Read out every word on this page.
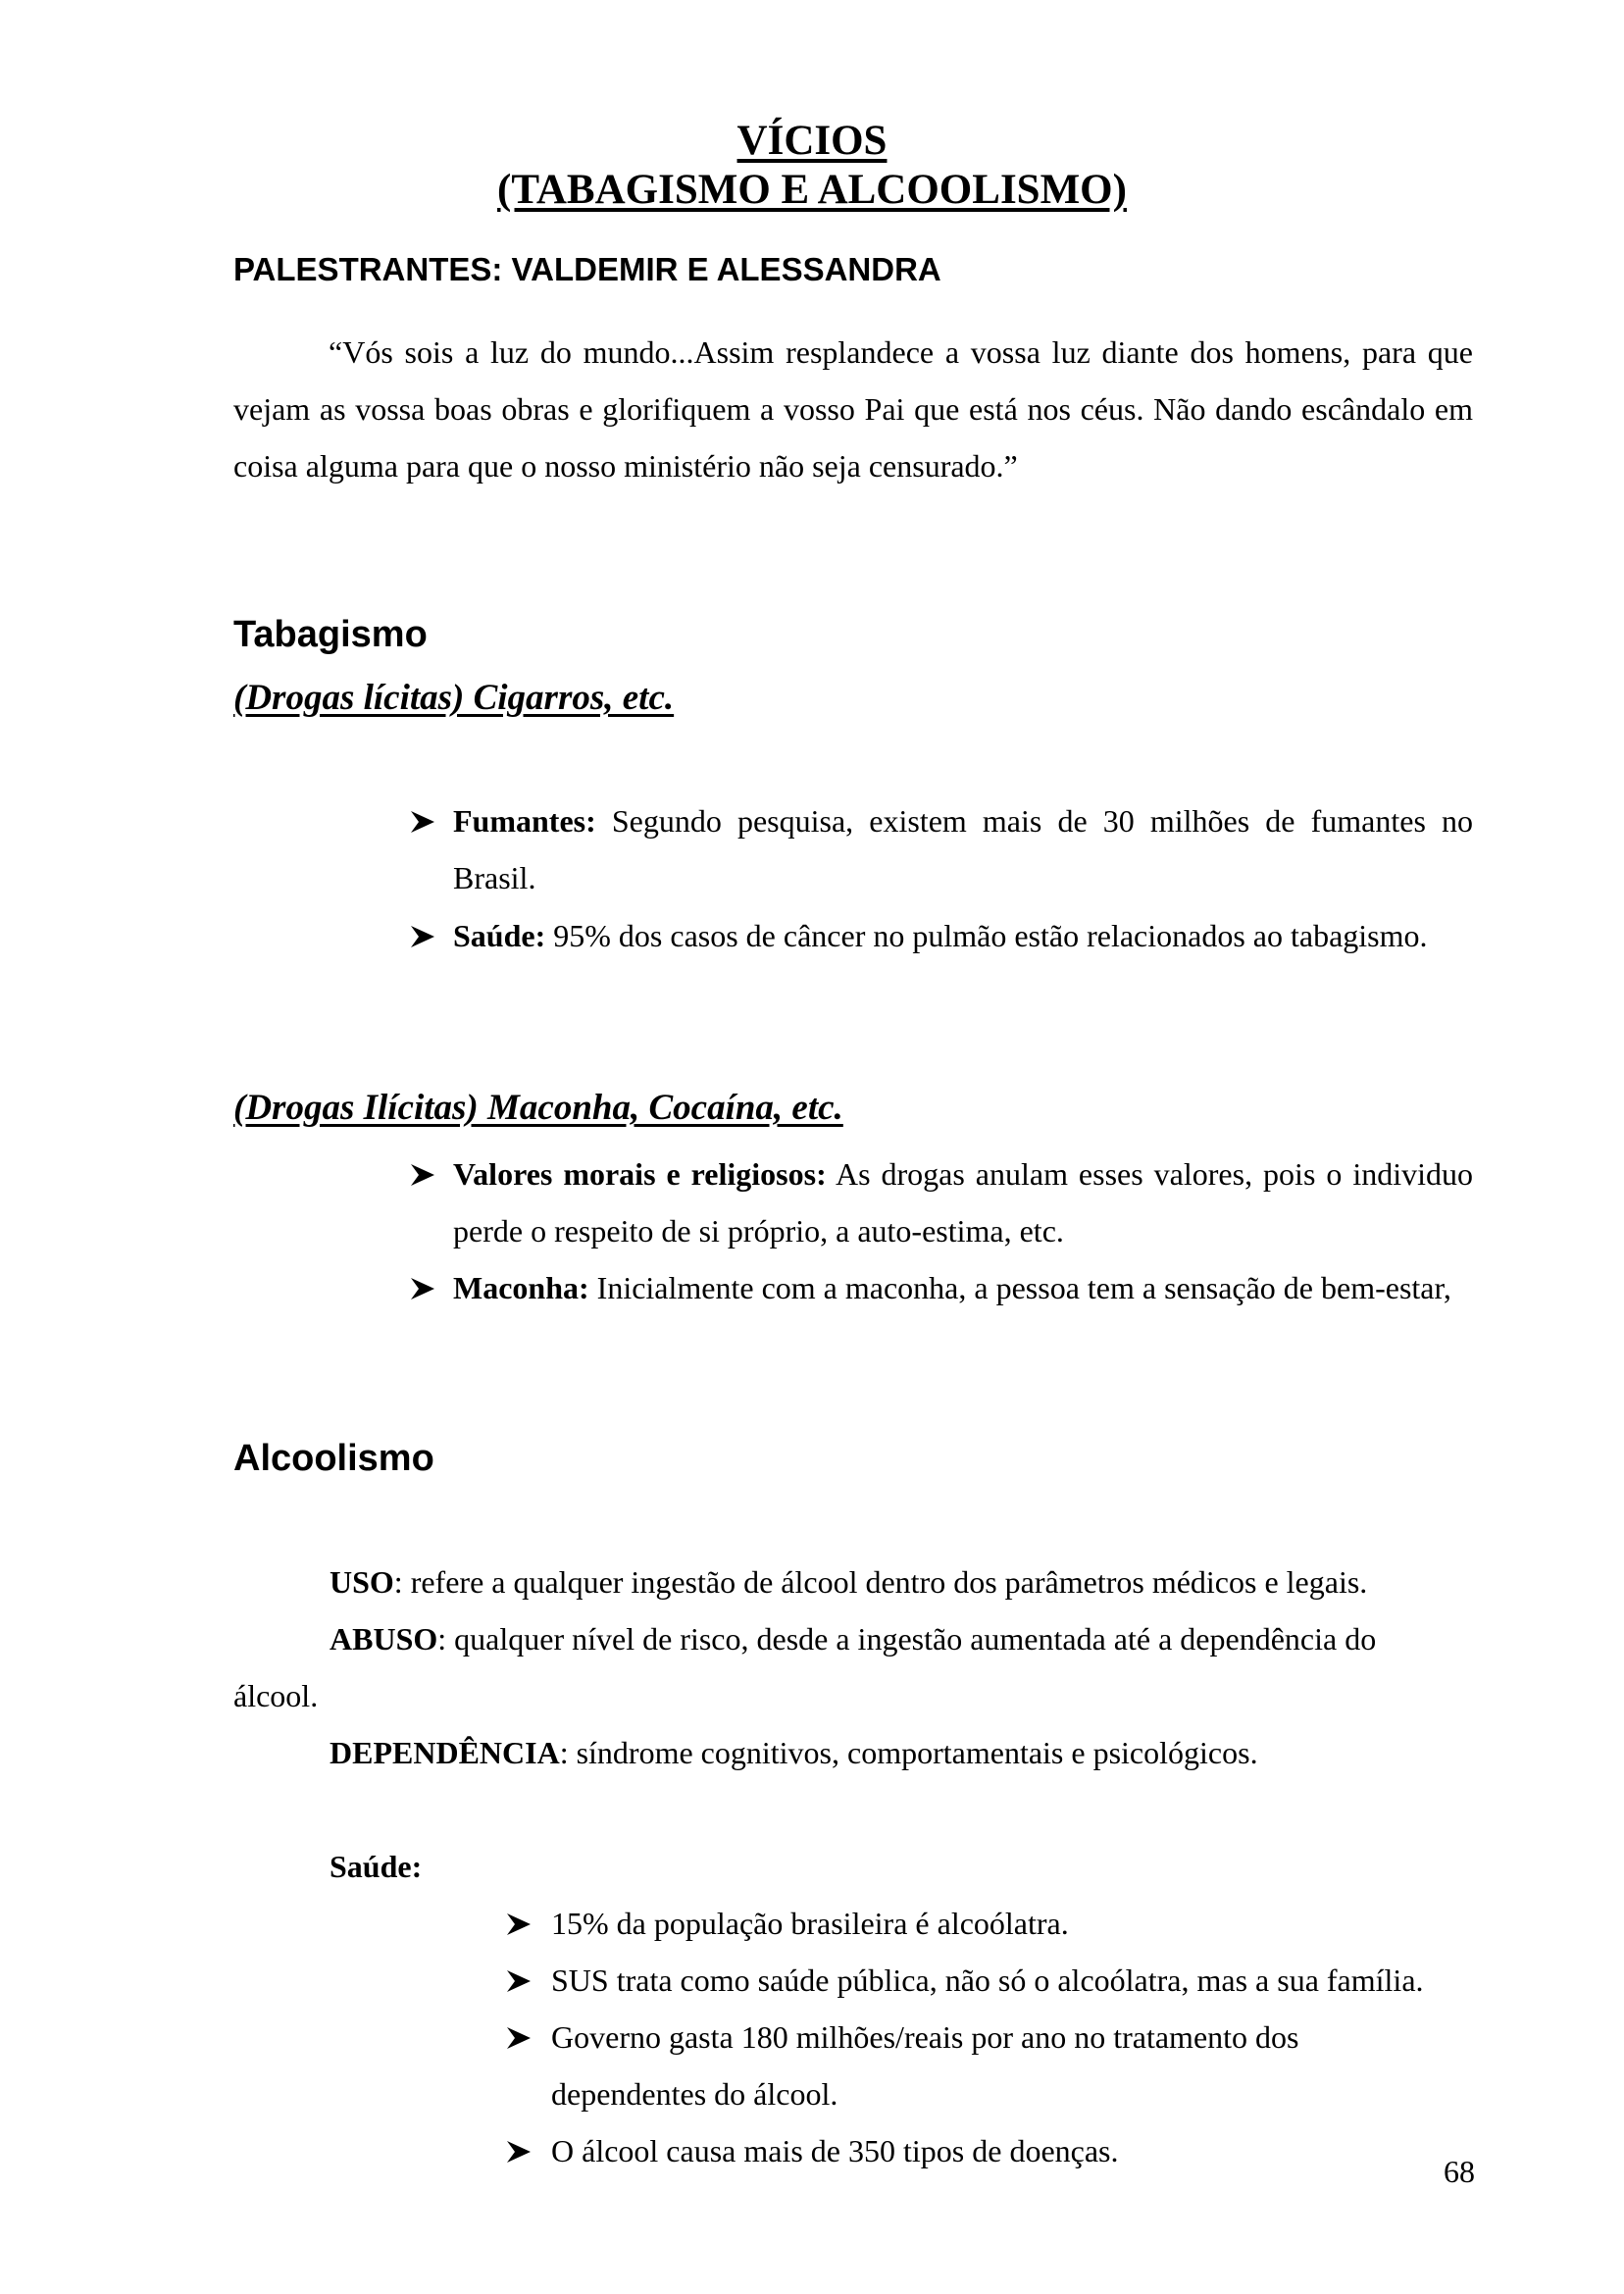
VÍCIOS
(TABAGISMO E ALCOOLISMO)
PALESTRANTES: VALDEMIR E ALESSANDRA
“Vós sois a luz do mundo...Assim resplandece a vossa luz diante dos homens, para que vejam as vossa boas obras e glorifiquem a vosso Pai que está nos céus. Não dando escândalo em coisa alguma para que o nosso ministério não seja censurado.”
Tabagismo
(Drogas lícitas) Cigarros, etc.
Fumantes: Segundo pesquisa, existem mais de 30 milhões de fumantes no Brasil.
Saúde: 95% dos casos de câncer no pulmão estão relacionados ao tabagismo.
(Drogas Ilícitas) Maconha, Cocaína, etc.
Valores morais e religiosos: As drogas anulam esses valores, pois o individuo perde o respeito de si próprio, a auto-estima, etc.
Maconha: Inicialmente com a maconha, a pessoa tem a sensação de bem-estar,
Alcoolismo
USO: refere a qualquer ingestão de álcool dentro dos parâmetros médicos e legais.
ABUSO: qualquer nível de risco, desde a ingestão aumentada até a dependência do
álcool.
DEPENDÊNCIA: síndrome cognitivos, comportamentais e psicológicos.
Saúde:
15% da população brasileira é alcoólatra.
SUS trata como saúde pública, não só o alcoólatra, mas a sua família.
Governo gasta 180 milhões/reais por ano no tratamento dos dependentes do álcool.
O álcool causa mais de 350 tipos de doenças.
68
